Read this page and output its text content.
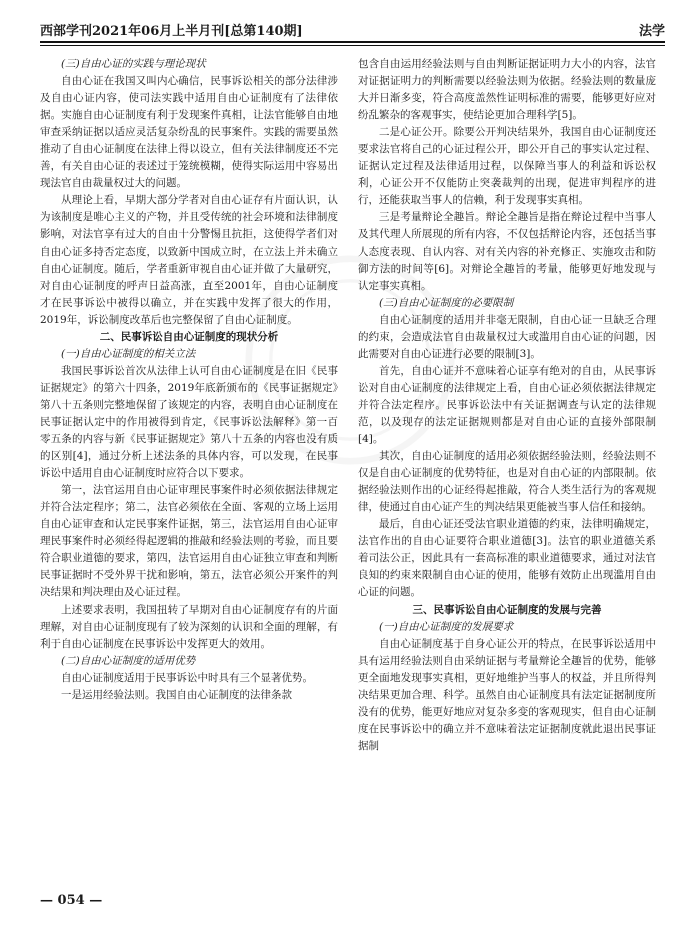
西部学刊2021年06月上半月刊[总第140期]	法学

(三)自由心证的实践与理论现状

自由心证在我国又叫内心确信，民事诉讼相关的部分法律涉及自由心证内容，使司法实践中适用自由心证制度有了法律依据。实施自由心证制度有利于发现案件真相，让法官能够自由地审查采纳证据以适应灵活复杂纷乱的民事案件。实践的需要虽然推动了自由心证制度在法律上得以设立，但有关法律制度还不完善，有关自由心证的表述过于笼统模糊，使得实际运用中容易出现法官自由裁量权过大的问题。

从理论上看，早期大部分学者对自由心证存有片面认识，认为该制度是唯心主义的产物，并且受传统的社会环境和法律制度影响，对法官享有过大的自由十分警惕且抗拒，这使得学者们对自由心证多持否定态度，以致新中国成立时，在立法上并未确立自由心证制度。随后，学者重新审视自由心证并做了大量研究，对自由心证制度的呼声日益高涨，直至2001年，自由心证制度才在民事诉讼中被得以确立，并在实践中发挥了很大的作用，2019年，诉讼制度改革后也完整保留了自由心证制度。

二、民事诉讼自由心证制度的现状分析

(一)自由心证制度的相关立法

我国民事诉讼首次从法律上认可自由心证制度是在旧《民事证据规定》的第六十四条，2019年底新颁布的《民事证据规定》第八十五条则完整地保留了该规定的内容，表明自由心证制度在民事证据认定中的作用被得到肯定，《民事诉讼法解释》第一百零五条的内容与新《民事证据规定》第八十五条的内容也没有质的区别[4]，通过分析上述法条的具体内容，可以发现，在民事诉讼中适用自由心证制度时应符合以下要求。

第一，法官运用自由心证审理民事案件时必须依据法律规定并符合法定程序；第二，法官必须依在全面、客观的立场上运用自由心证审查和认定民事案件证据，第三，法官运用自由心证审理民事案件时必须经得起逻辑的推敲和经验法则的考验，而且要符合职业道德的要求，第四，法官运用自由心证独立审查和判断民事证据时不受外界干扰和影响，第五，法官必须公开案件的判决结果和判决理由及心证过程。

上述要求表明，我国扭转了早期对自由心证制度存有的片面理解，对自由心证制度现有了较为深刻的认识和全面的理解，有利于自由心证制度在民事诉讼中发挥更大的效用。

(二)自由心证制度的适用优势

自由心证制度适用于民事诉讼中时具有三个显著优势。

一是运用经验法则。我国自由心证制度的法律条款

包含自由运用经验法则与自由判断证据证明力大小的内容，法官对证据证明力的判断需要以经验法则为依据。经验法则的数量庞大并日渐多变，符合高度盖然性证明标准的需要，能够更好应对纷乱繁杂的客观事实，使结论更加合理科学[5]。

二是心证公开。除要公开判决结果外，我国自由心证制度还要求法官将自己的心证过程公开，即公开自己的事实认定过程、证据认定过程及法律适用过程，以保障当事人的利益和诉讼权利，心证公开不仅能防止突袭裁判的出现，促进审判程序的进行，还能获取当事人的信赖，利于发现事实真相。

三是考量辩论全趣旨。辩论全趣旨是指在辩论过程中当事人及其代理人所展现的所有内容，不仅包括辩论内容，还包括当事人态度表现、自认内容、对有关内容的补充修正、实施攻击和防御方法的时间等[6]。对辩论全趣旨的考量，能够更好地发现与认定事实真相。

(三)自由心证制度的必要限制

自由心证制度的适用并非毫无限制，自由心证一旦缺乏合理的约束，会造成法官自由裁量权过大或滥用自由心证的问题，因此需要对自由心证进行必要的限制[3]。

首先，自由心证并不意味着心证享有绝对的自由，从民事诉讼对自由心证制度的法律规定上看，自由心证必须依据法律规定并符合法定程序。民事诉讼法中有关证据调查与认定的法律规范，以及现存的法定证据规则都是对自由心证的直接外部限制[4]。

其次，自由心证制度的适用必须依据经验法则，经验法则不仅是自由心证制度的优势特征，也是对自由心证的内部限制。依据经验法则作出的心证经得起推敲，符合人类生活行为的客观规律，使通过自由心证产生的判决结果更能被当事人信任和接纳。

最后，自由心证还受法官职业道德的约束，法律明确规定，法官作出的自由心证要符合职业道德[3]。法官的职业道德关系着司法公正，因此具有一套高标准的职业道德要求，通过对法官良知的约束来限制自由心证的使用，能够有效防止出现滥用自由心证的问题。

三、民事诉讼自由心证制度的发展与完善

(一)自由心证制度的发展要求

自由心证制度基于自身心证公开的特点，在民事诉讼适用中具有运用经验法则自由采纳证据与考量辩论全趣旨的优势，能够更全面地发现事实真相，更好地维护当事人的权益，并且所得判决结果更加合理、科学。虽然自由心证制度具有法定证据制度所没有的优势，能更好地应对复杂多变的客观现实，但自由心证制度在民事诉讼中的确立并不意味着法定证据制度就此退出民事证据制

— 054 —
